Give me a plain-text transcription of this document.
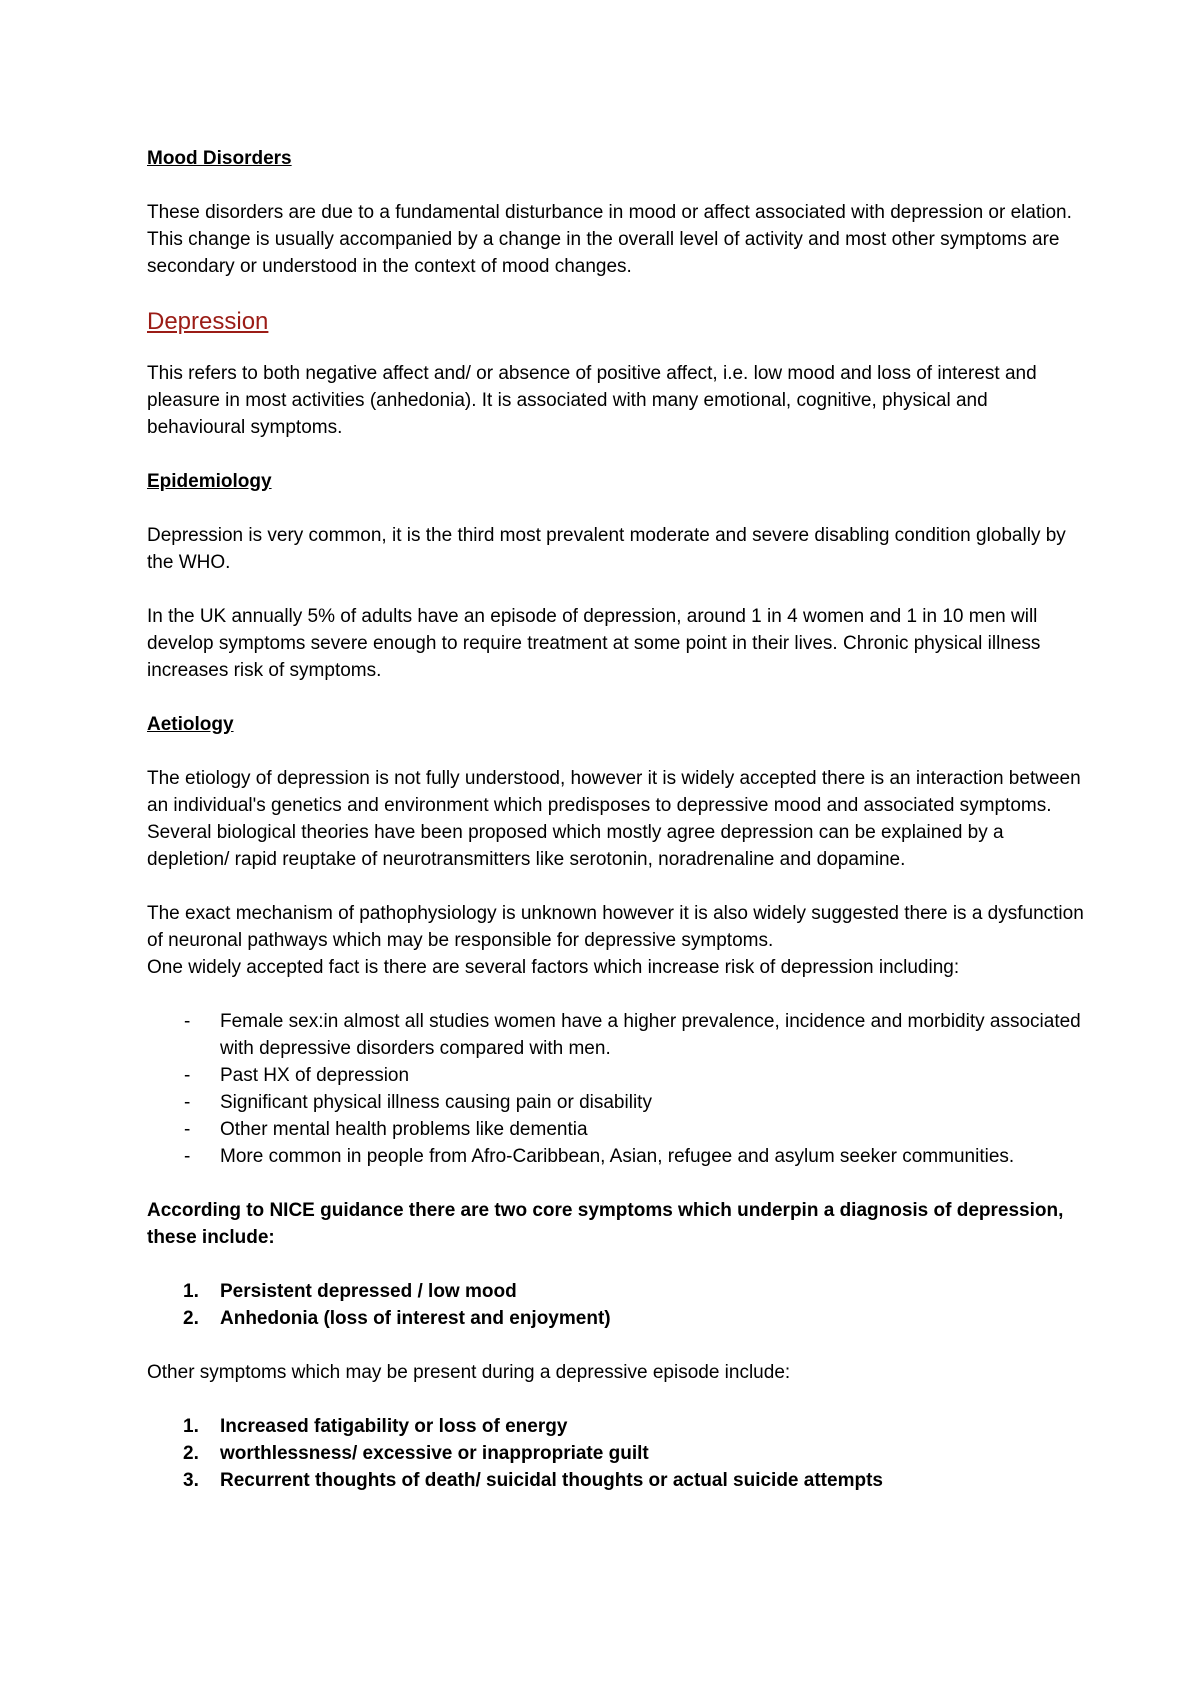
Mood Disorders

These disorders are due to a fundamental disturbance in mood or affect associated with depression or elation. This change is usually accompanied by a change in the overall level of activity and most other symptoms are secondary or understood in the context of mood changes.

Depression

This refers to both negative affect and/ or absence of positive affect, i.e. low mood and loss of interest and pleasure in most activities (anhedonia). It is associated with many emotional, cognitive, physical and behavioural symptoms.

Epidemiology

Depression is very common, it is the third most prevalent moderate and severe disabling condition globally by the WHO.

In the UK annually 5% of adults have an episode of depression, around 1 in 4 women and 1 in 10 men will develop symptoms severe enough to require treatment at some point in their lives. Chronic physical illness increases risk of symptoms.

Aetiology

The etiology of depression is not fully understood, however it is widely accepted there is an interaction between an individual's genetics and environment which predisposes to depressive mood and associated symptoms. Several biological theories have been proposed which mostly agree depression can be explained by a depletion/ rapid reuptake of neurotransmitters like serotonin, noradrenaline and dopamine.

The exact mechanism of pathophysiology is unknown however it is also widely suggested there is a dysfunction of neuronal pathways which may be responsible for depressive symptoms.

One widely accepted fact is there are several factors which increase risk of depression including:

- Female sex:in almost all studies women have a higher prevalence, incidence and morbidity associated with depressive disorders compared with men.
- Past HX of depression
- Significant physical illness causing pain or disability
- Other mental health problems like dementia
- More common in people from Afro-Caribbean, Asian, refugee and asylum seeker communities.

According to NICE guidance there are two core symptoms which underpin a diagnosis of depression, these include:

1. Persistent depressed / low mood
2. Anhedonia (loss of interest and enjoyment)

Other symptoms which may be present during a depressive episode include:

1. Increased fatigability or loss of energy
2. worthlessness/ excessive or inappropriate guilt
3. Recurrent thoughts of death/ suicidal thoughts or actual suicide attempts
